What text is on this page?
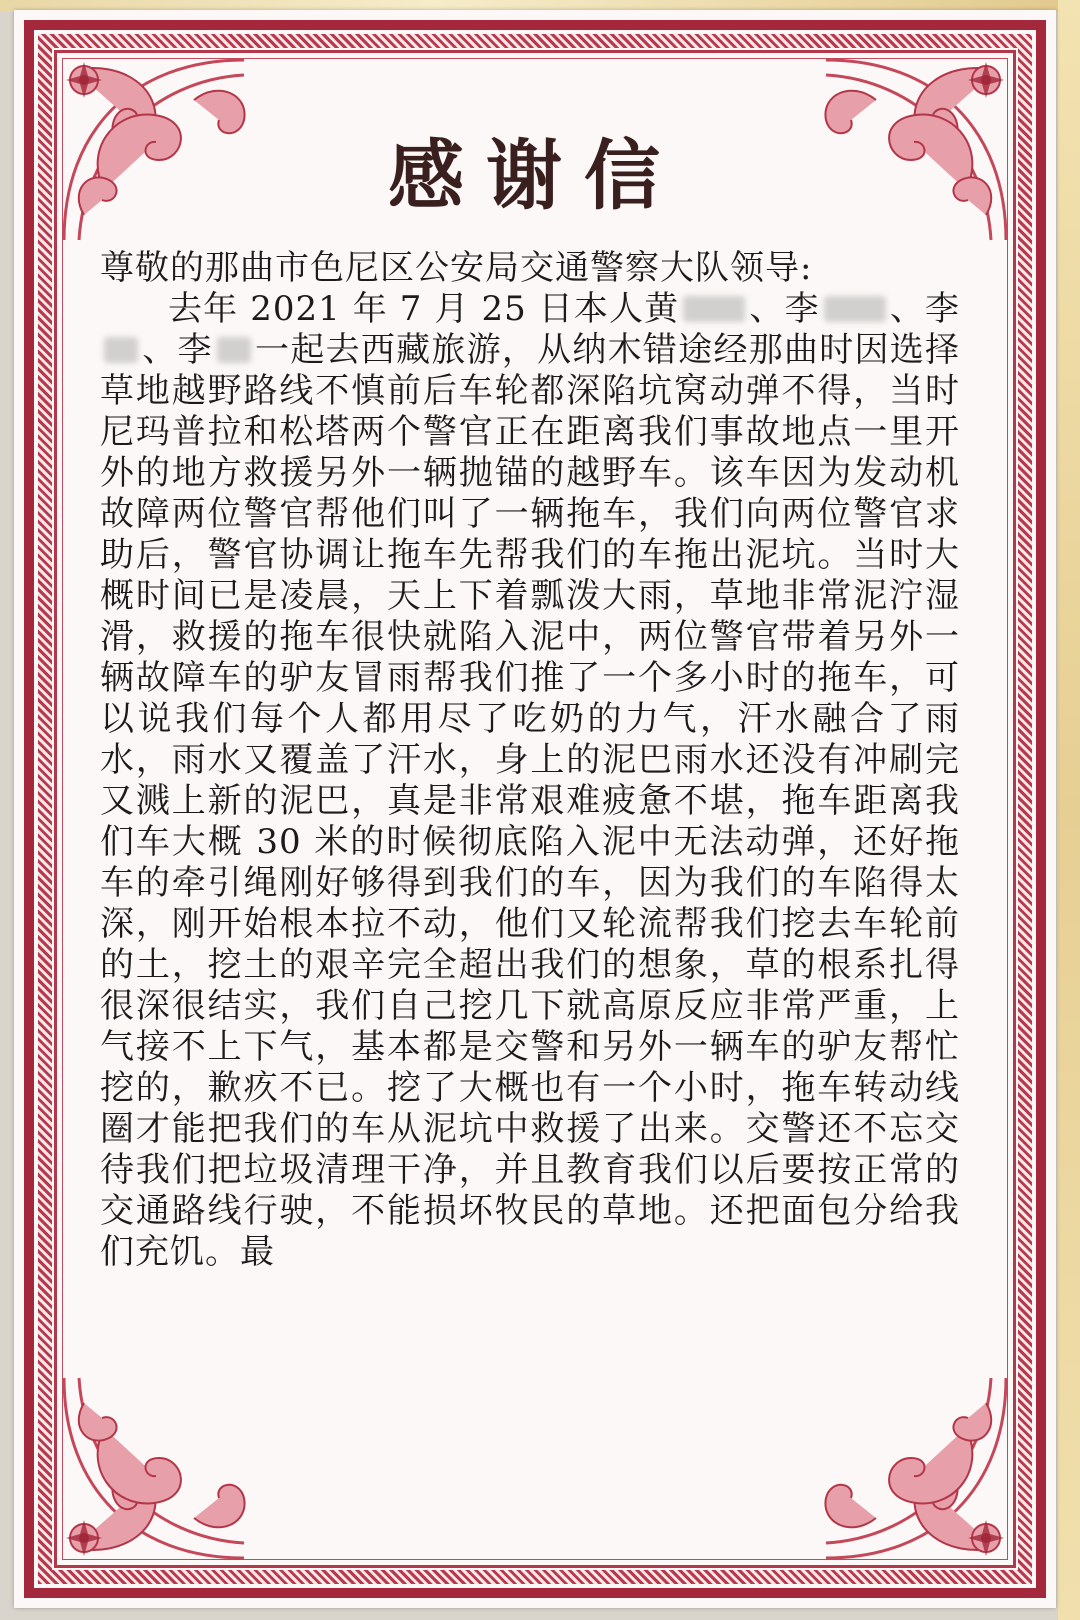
感谢信

尊敬的那曲市色尼区公安局交通警察大队领导:

去年 2021 年 7 月 25 日本人黄 、李 、李、李 一起去西藏旅游，从纳木错途经那曲时因选择草地越野路线不慎前后车轮都深陷坑窝动弹不得，当时尼玛普拉和松塔两个警官正在距离我们事故地点一里开外的地方救援另外一辆抛锚的越野车。该车因为发动机故障两位警官帮他们叫了一辆拖车，我们向两位警官求助后，警官协调让拖车先帮我们的车拖出泥坑。当时大概时间已是凌晨，天上下着瓢泼大雨，草地非常泥泞湿滑，救援的拖车很快就陷入泥中，两位警官带着另外一辆故障车的驴友冒雨帮我们推了一个多小时的拖车，可以说我们每个人都用尽了吃奶的力气，汗水融合了雨水，雨水又覆盖了汗水，身上的泥巴雨水还没有冲刷完又溅上新的泥巴，真是非常艰难疲惫不堪，拖车距离我们车大概 30 米的时候彻底陷入泥中无法动弹，还好拖车的牵引绳刚好够得到我们的车，因为我们的车陷得太深，刚开始根本拉不动，他们又轮流帮我们挖去车轮前的土，挖土的艰辛完全超出我们的想象，草的根系扎得很深很结实，我们自己挖几下就高原反应非常严重，上气接不上下气，基本都是交警和另外一辆车的驴友帮忙挖的，歉疚不已。挖了大概也有一个小时，拖车转动线圈才能把我们的车从泥坑中救援了出来。交警还不忘交待我们把垃圾清理干净，并且教育我们以后要按正常的交通路线行驶，不能损坏牧民的草地。还把面包分给我们充饥。最
